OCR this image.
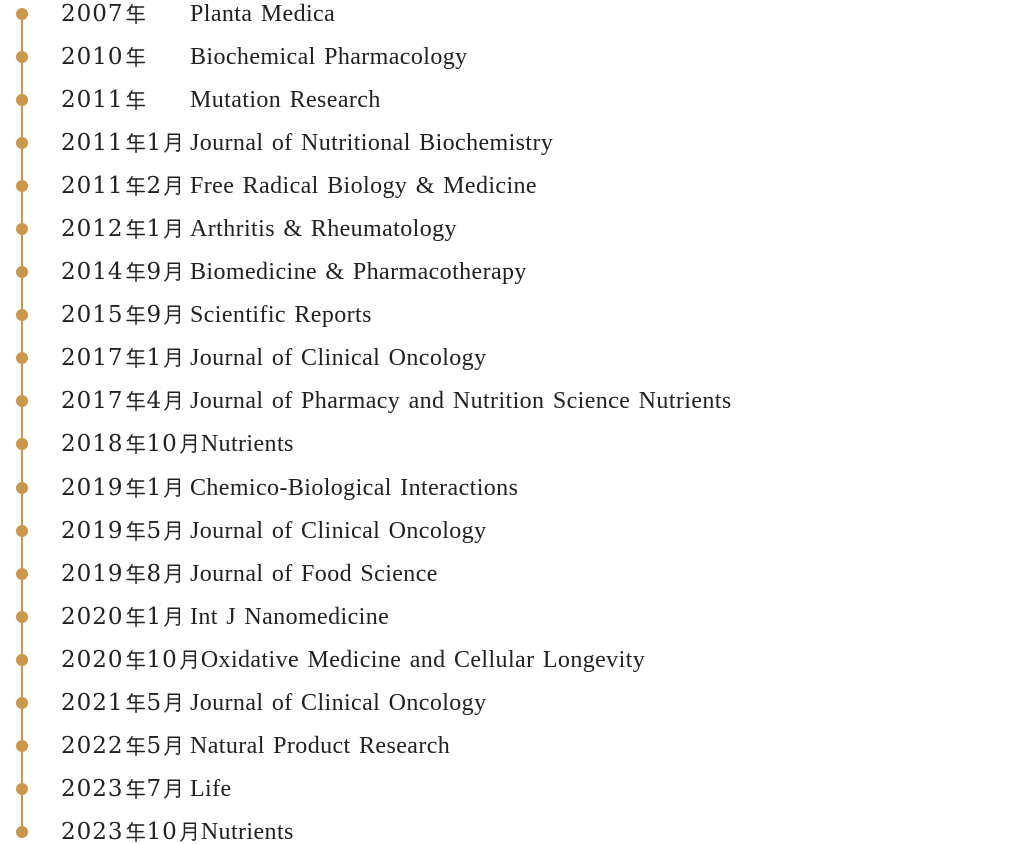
2007	Planta Medica
2010	Biochemical Pharmacology
2011	Mutation Research
2011 1	Journal of Nutritional Biochemistry
2011 2	Free Radical Biology & Medicine
2012 1	Arthritis & Rheumatology
2014 9	Biomedicine & Pharmacotherapy
2015 9	Scientific Reports
2017 1	Journal of Clinical Oncology
2017 4	Journal of Pharmacy and Nutrition Science Nutrients
2018 10 Nutrients
2019 1	Chemico-Biological Interactions
2019 5	Journal of Clinical Oncology
2019 8	Journal of Food Science
2020 1	Int J Nanomedicine
2020 10 Oxidative Medicine and Cellular Longevity
2021 5	Journal of Clinical Oncology
2022 5	Natural Product Research
2023 7	Life
2023 10 Nutrients
